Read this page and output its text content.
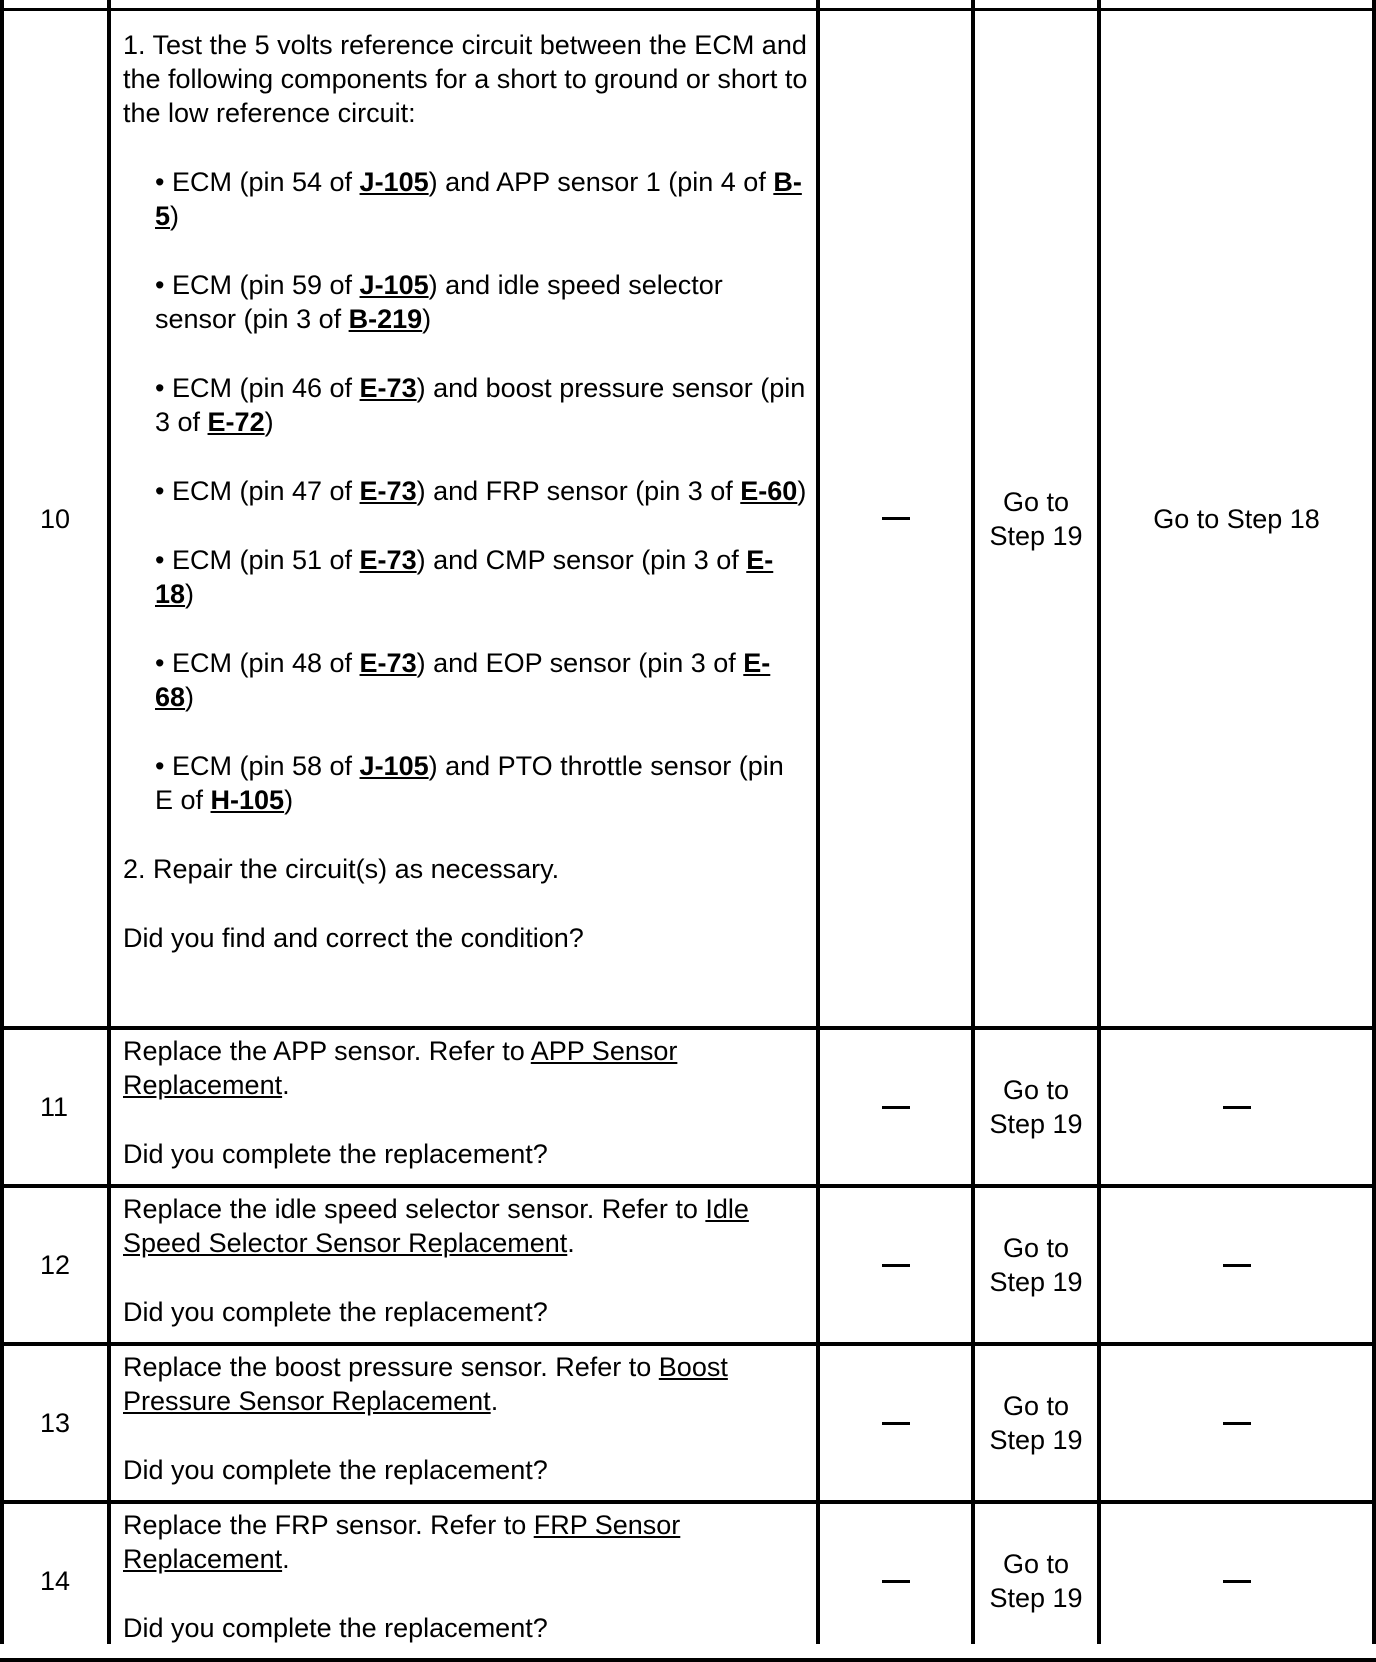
10

1. Test the 5 volts reference circuit between the ECM and the following components for a short to ground or short to the low reference circuit:

• ECM (pin 54 of J-105) and APP sensor 1 (pin 4 of B-5)

• ECM (pin 59 of J-105) and idle speed selector sensor (pin 3 of B-219)

• ECM (pin 46 of E-73) and boost pressure sensor (pin 3 of E-72)

• ECM (pin 47 of E-73) and FRP sensor (pin 3 of E-60)

• ECM (pin 51 of E-73) and CMP sensor (pin 3 of E-18)

• ECM (pin 48 of E-73) and EOP sensor (pin 3 of E-68)

• ECM (pin 58 of J-105) and PTO throttle sensor (pin E of H-105)

2. Repair the circuit(s) as necessary.

Did you find and correct the condition?

Go to Step 19
Go to Step 18
11

Replace the APP sensor. Refer to APP Sensor Replacement.

Did you complete the replacement?

Go to Step 19
12

Replace the idle speed selector sensor. Refer to Idle Speed Selector Sensor Replacement.

Did you complete the replacement?

Go to Step 19
13

Replace the boost pressure sensor. Refer to Boost Pressure Sensor Replacement.

Did you complete the replacement?

Go to Step 19
14

Replace the FRP sensor. Refer to FRP Sensor Replacement.

Did you complete the replacement?

Go to Step 19
